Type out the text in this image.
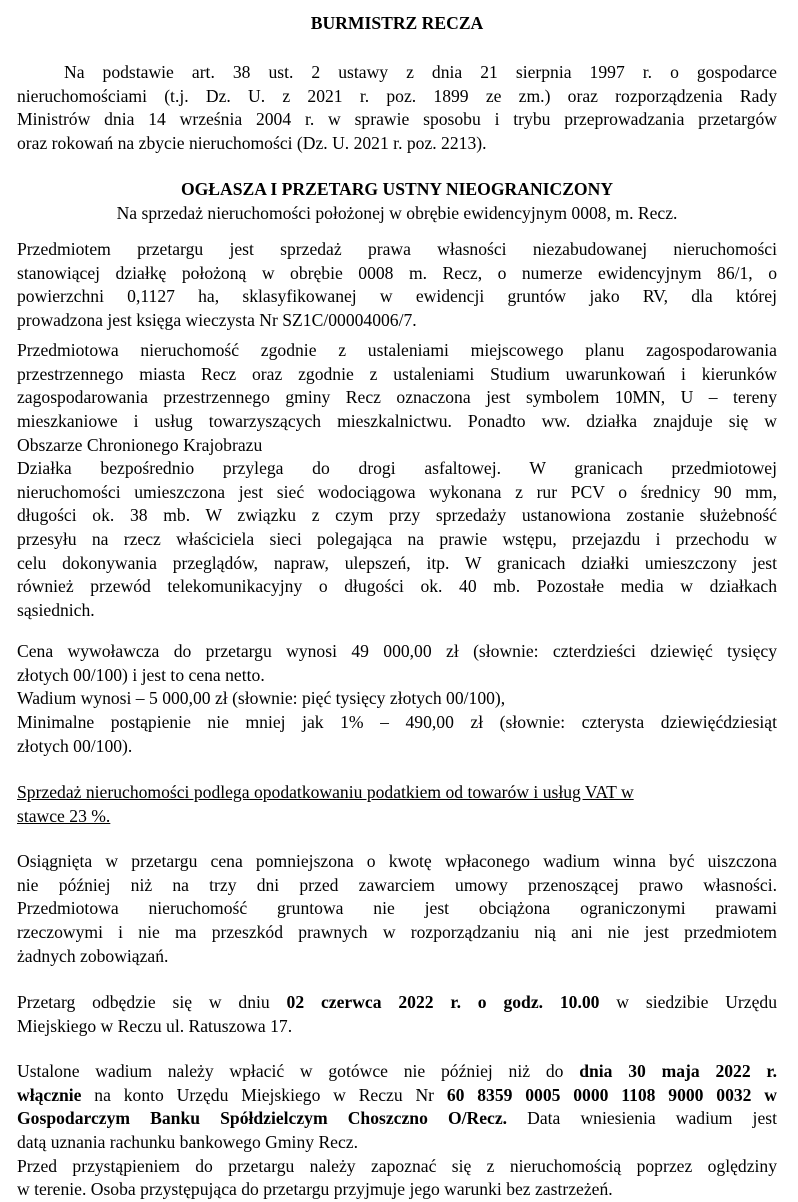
BURMISTRZ RECZA
Na podstawie art. 38 ust. 2 ustawy z dnia 21 sierpnia 1997 r. o gospodarce
nieruchomościami (t.j. Dz. U. z 2021 r. poz. 1899 ze zm.) oraz rozporządzenia Rady
Ministrów dnia 14 września 2004 r. w sprawie sposobu i trybu przeprowadzania przetargów
oraz rokowań na zbycie nieruchomości (Dz. U. 2021 r. poz. 2213).
OGŁASZA I PRZETARG USTNY NIEOGRANICZONY
Na sprzedaż nieruchomości położonej w obrębie ewidencyjnym 0008, m. Recz.
Przedmiotem przetargu jest sprzedaż prawa własności niezabudowanej nieruchomości
stanowiącej działkę położoną w obrębie 0008 m. Recz, o numerze ewidencyjnym 86/1, o
powierzchni 0,1127 ha, sklasyfikowanej w ewidencji gruntów jako RV, dla której
prowadzona jest księga wieczysta Nr SZ1C/00004006/7.
Przedmiotowa nieruchomość zgodnie z ustaleniami miejscowego planu zagospodarowania
przestrzennego miasta Recz oraz zgodnie z ustaleniami Studium uwarunkowań i kierunków
zagospodarowania przestrzennego gminy Recz oznaczona jest symbolem 10MN, U – tereny
mieszkaniowe i usług towarzyszących mieszkalnictwu. Ponadto ww. działka znajduje się w
Obszarze Chronionego Krajobrazu
Działka bezpośrednio przylega do drogi asfaltowej. W granicach przedmiotowej
nieruchomości umieszczona jest sieć wodociągowa wykonana z rur PCV o średnicy 90 mm,
długości ok. 38 mb. W związku z czym przy sprzedaży ustanowiona zostanie służebność
przesyłu na rzecz właściciela sieci polegająca na prawie wstępu, przejazdu i przechodu w
celu dokonywania przeglądów, napraw, ulepszeń, itp. W granicach działki umieszczony jest
również przewód telekomunikacyjny o długości ok. 40 mb. Pozostałe media w działkach
sąsiednich.
Cena wywoławcza do przetargu wynosi 49 000,00 zł (słownie: czterdzieści dziewięć tysięcy
złotych 00/100) i jest to cena netto.
Wadium wynosi – 5 000,00 zł (słownie: pięć tysięcy złotych 00/100),
Minimalne postąpienie nie mniej jak 1% – 490,00 zł (słownie: czterysta dziewięćdziesiąt
złotych 00/100).
Sprzedaż nieruchomości podlega opodatkowaniu podatkiem od towarów i usług VAT w
stawce 23 %.
Osiągnięta w przetargu cena pomniejszona o kwotę wpłaconego wadium winna być uiszczona
nie później niż na trzy dni przed zawarciem umowy przenoszącej prawo własności.
Przedmiotowa nieruchomość gruntowa nie jest obciążona ograniczonymi prawami
rzeczowymi i nie ma przeszkód prawnych w rozporządzaniu nią ani nie jest przedmiotem
żadnych zobowiązań.
Przetarg odbędzie się w dniu 02 czerwca 2022 r. o godz. 10.00 w siedzibie Urzędu
Miejskiego w Reczu ul. Ratuszowa 17.
Ustalone wadium należy wpłacić w gotówce nie później niż do dnia 30 maja 2022 r.
włącznie na konto Urzędu Miejskiego w Reczu Nr 60 8359 0005 0000 1108 9000 0032 w
Gospodarczym Banku Spółdzielczym Choszczno O/Recz. Data wniesienia wadium jest
datą uznania rachunku bankowego Gminy Recz.
Przed przystąpieniem do przetargu należy zapoznać się z nieruchomością poprzez oględziny
w terenie. Osoba przystępująca do przetargu przyjmuje jego warunki bez zastrzeżeń.
